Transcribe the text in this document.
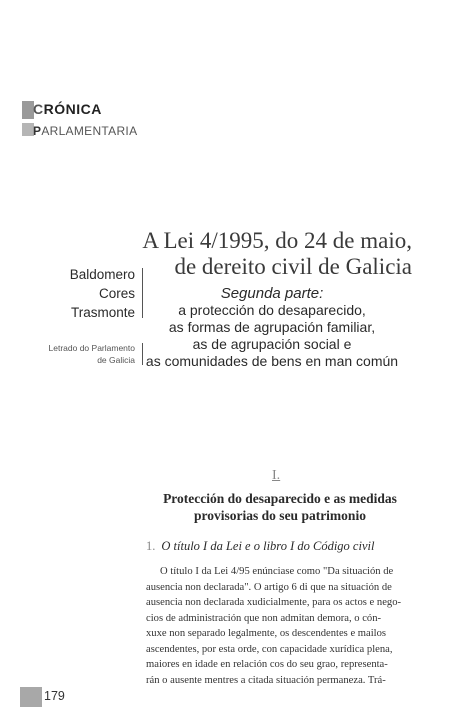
CRÓNICA
PARLAMENTARIA
A Lei 4/1995, do 24 de maio,
de dereito civil de Galicia
Segunda parte:
a protección do desaparecido,
as formas de agrupación familiar,
as de agrupación social e
as comunidades de bens en man común
Baldomero
Cores
Trasmonte
Letrado do Parlamento
de Galicia
I.
Protección do desaparecido e as medidas
provisorias do seu patrimonio
1. O título I da Lei e o libro I do Código civil

O título I da Lei 4/95 enúnciase como "Da situación de

ausencia non declarada". O artigo 6 di que na situación de

ausencia non declarada xudicialmente, para os actos e nego-

cios de administración que non admitan demora, o cón-

xuxe non separado legalmente, os descendentes e mailos

ascendentes, por esta orde, con capacidade xurídica plena,

maiores en idade en relación cos do seu grao, representa-

rán o ausente mentres a citada situación permaneza. Trá-

179
